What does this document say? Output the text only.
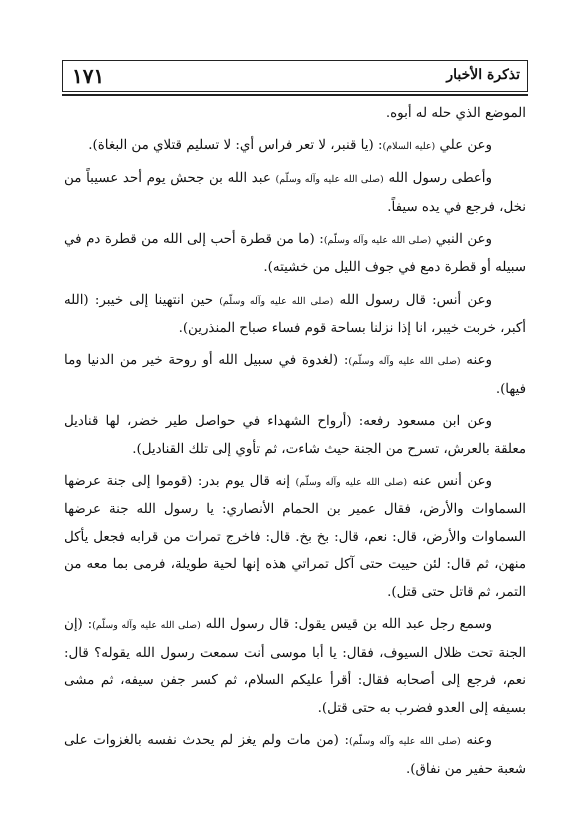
١٧١	تذكرة الأخبار

الموضع الذي حله له أبوه.

وعن علي (عليه السلام): (يا قنبر، لا تعر فراس أي: لا تسليم قتلاي من البغاة).

وأعطى رسول الله (صلى الله عليه وآله وسلّم) عبد الله بن جحش يوم أحد عسيباً من نخل، فرجع في يده سيفاً.

وعن النبي (صلى الله عليه وآله وسلّم): (ما من قطرة أحب إلى الله من قطرة دم في سبيله أو قطرة دمع في جوف الليل من خشيته).

وعن أنس: قال رسول الله (صلى الله عليه وآله وسلّم) حين انتهينا إلى خيبر: (الله أكبر، خربت خيبر، انا إذا نزلنا بساحة قوم فساء صباح المنذرين).

وعنه (صلى الله عليه وآله وسلّم): (لغدوة في سبيل الله أو روحة خير من الدنيا وما فيها).

وعن ابن مسعود رفعه: (أرواح الشهداء في حواصل طير خضر، لها قناديل معلقة بالعرش، تسرح من الجنة حيث شاءت، ثم تأوي إلى تلك القناديل).

وعن أنس عنه (صلى الله عليه وآله وسلّم) إنه قال يوم بدر: (قوموا إلى جنة عرضها السماوات والأرض، فقال عمير بن الحمام الأنصاري: يا رسول الله جنة عرضها السماوات والأرض، قال: نعم، قال: بخ بخ. قال: فاخرج تمرات من قرابه فجعل يأكل منهن، ثم قال: لئن حييت حتى آكل تمراتي هذه إنها لحية طويلة، فرمى بما معه من التمر، ثم قاتل حتى قتل).

وسمع رجل عبد الله بن قيس يقول: قال رسول الله (صلى الله عليه وآله وسلّم): (إن الجنة تحت ظلال السيوف، فقال: يا أبا موسى أنت سمعت رسول الله يقوله؟ قال: نعم، فرجع إلى أصحابه فقال: أقرأ عليكم السلام، ثم كسر جفن سيفه، ثم مشى بسيفه إلى العدو فضرب به حتى قتل).

وعنه (صلى الله عليه وآله وسلّم): (من مات ولم يغز لم يحدث نفسه بالغزوات على شعبة حفير من نفاق).
